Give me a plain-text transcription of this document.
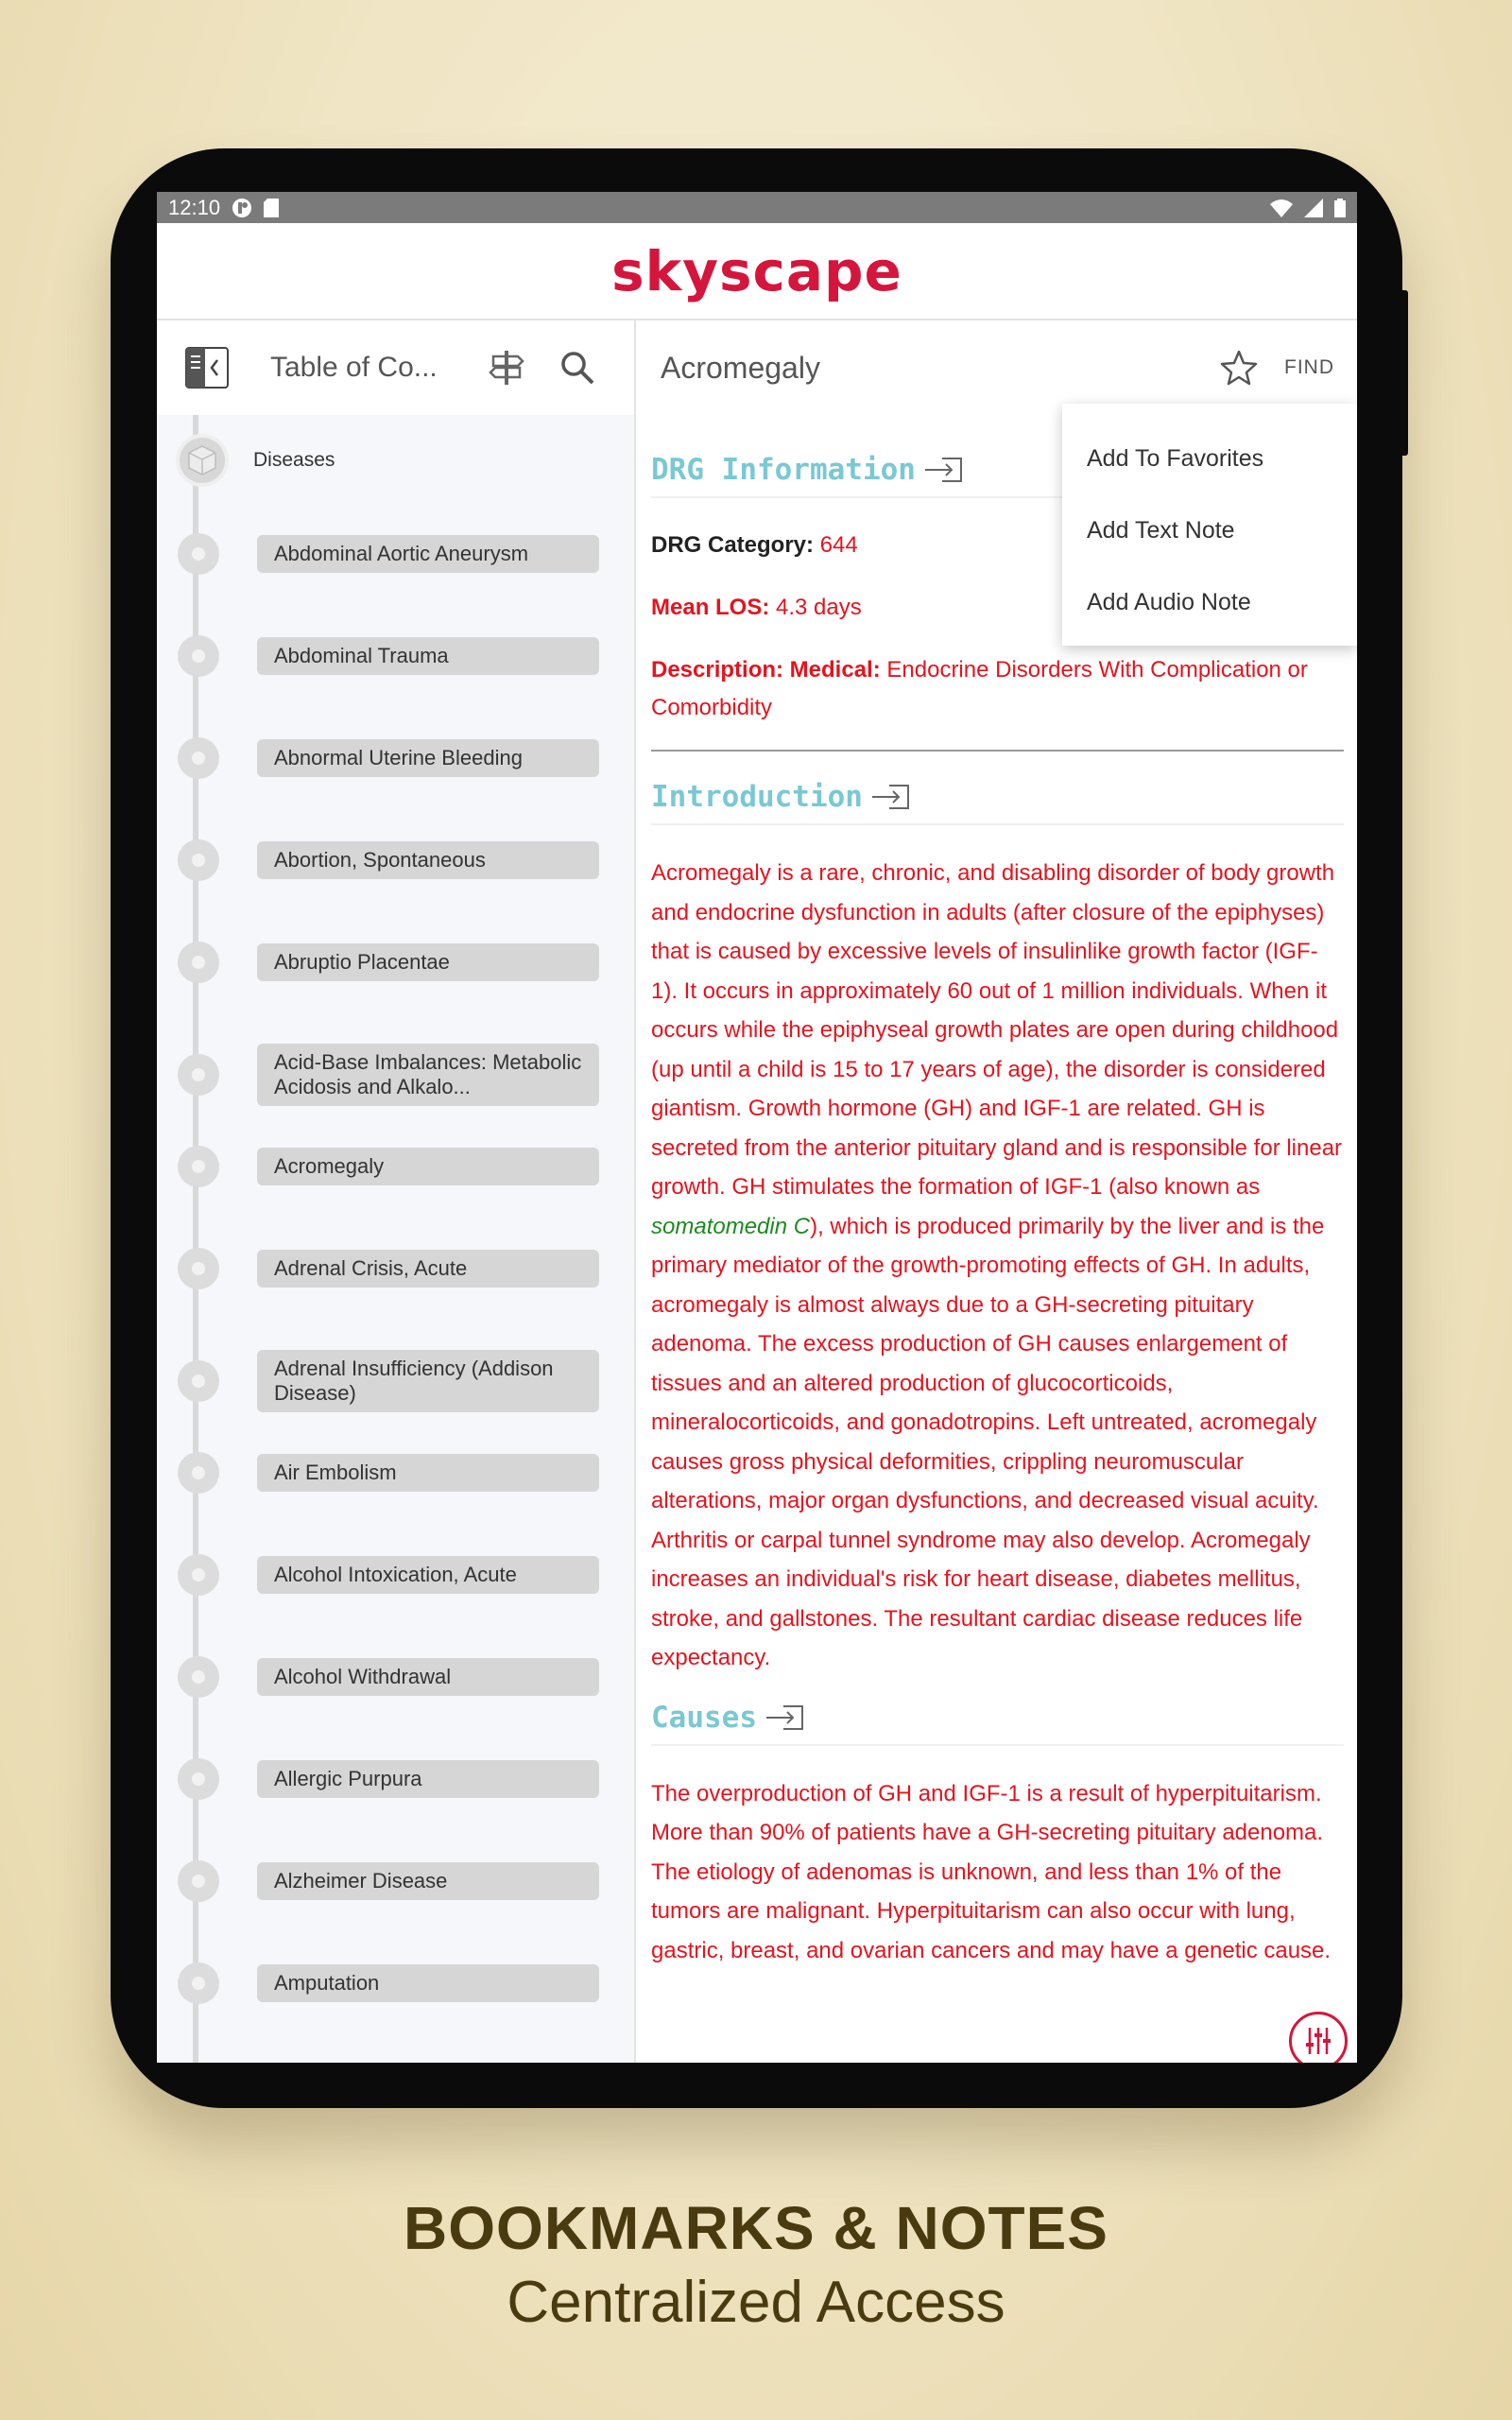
12:10
skyscape
Table of Co...
Diseases
Abdominal Aortic Aneurysm
Abdominal Trauma
Abnormal Uterine Bleeding
Abortion, Spontaneous
Abruptio Placentae
Acid-Base Imbalances: Metabolic Acidosis and Alkalo...
Acromegaly
Adrenal Crisis, Acute
Adrenal Insufficiency (Addison Disease)
Air Embolism
Alcohol Intoxication, Acute
Alcohol Withdrawal
Allergic Purpura
Alzheimer Disease
Amputation
Acromegaly	FIND
DRG Information
DRG Category: 644
Mean LOS: 4.3 days
Description: Medical: Endocrine Disorders With Complication or Comorbidity
Introduction

Acromegaly is a rare, chronic, and disabling disorder of body growth and endocrine dysfunction in adults (after closure of the epiphyses) that is caused by excessive levels of insulinlike growth factor (IGF-1). It occurs in approximately 60 out of 1 million individuals. When it occurs while the epiphyseal growth plates are open during childhood (up until a child is 15 to 17 years of age), the disorder is considered giantism. Growth hormone (GH) and IGF-1 are related. GH is secreted from the anterior pituitary gland and is responsible for linear growth. GH stimulates the formation of IGF-1 (also known as somatomedin C), which is produced primarily by the liver and is the primary mediator of the growth-promoting effects of GH. In adults, acromegaly is almost always due to a GH-secreting pituitary adenoma. The excess production of GH causes enlargement of tissues and an altered production of glucocorticoids, mineralocorticoids, and gonadotropins. Left untreated, acromegaly causes gross physical deformities, crippling neuromuscular alterations, major organ dysfunctions, and decreased visual acuity. Arthritis or carpal tunnel syndrome may also develop. Acromegaly increases an individual's risk for heart disease, diabetes mellitus, stroke, and gallstones. The resultant cardiac disease reduces life expectancy.

Causes

The overproduction of GH and IGF-1 is a result of hyperpituitarism. More than 90% of patients have a GH-secreting pituitary adenoma. The etiology of adenomas is unknown, and less than 1% of the tumors are malignant. Hyperpituitarism can also occur with lung, gastric, breast, and ovarian cancers and may have a genetic cause.

Add To Favorites
Add Text Note
Add Audio Note
BOOKMARKS & NOTES
Centralized Access
